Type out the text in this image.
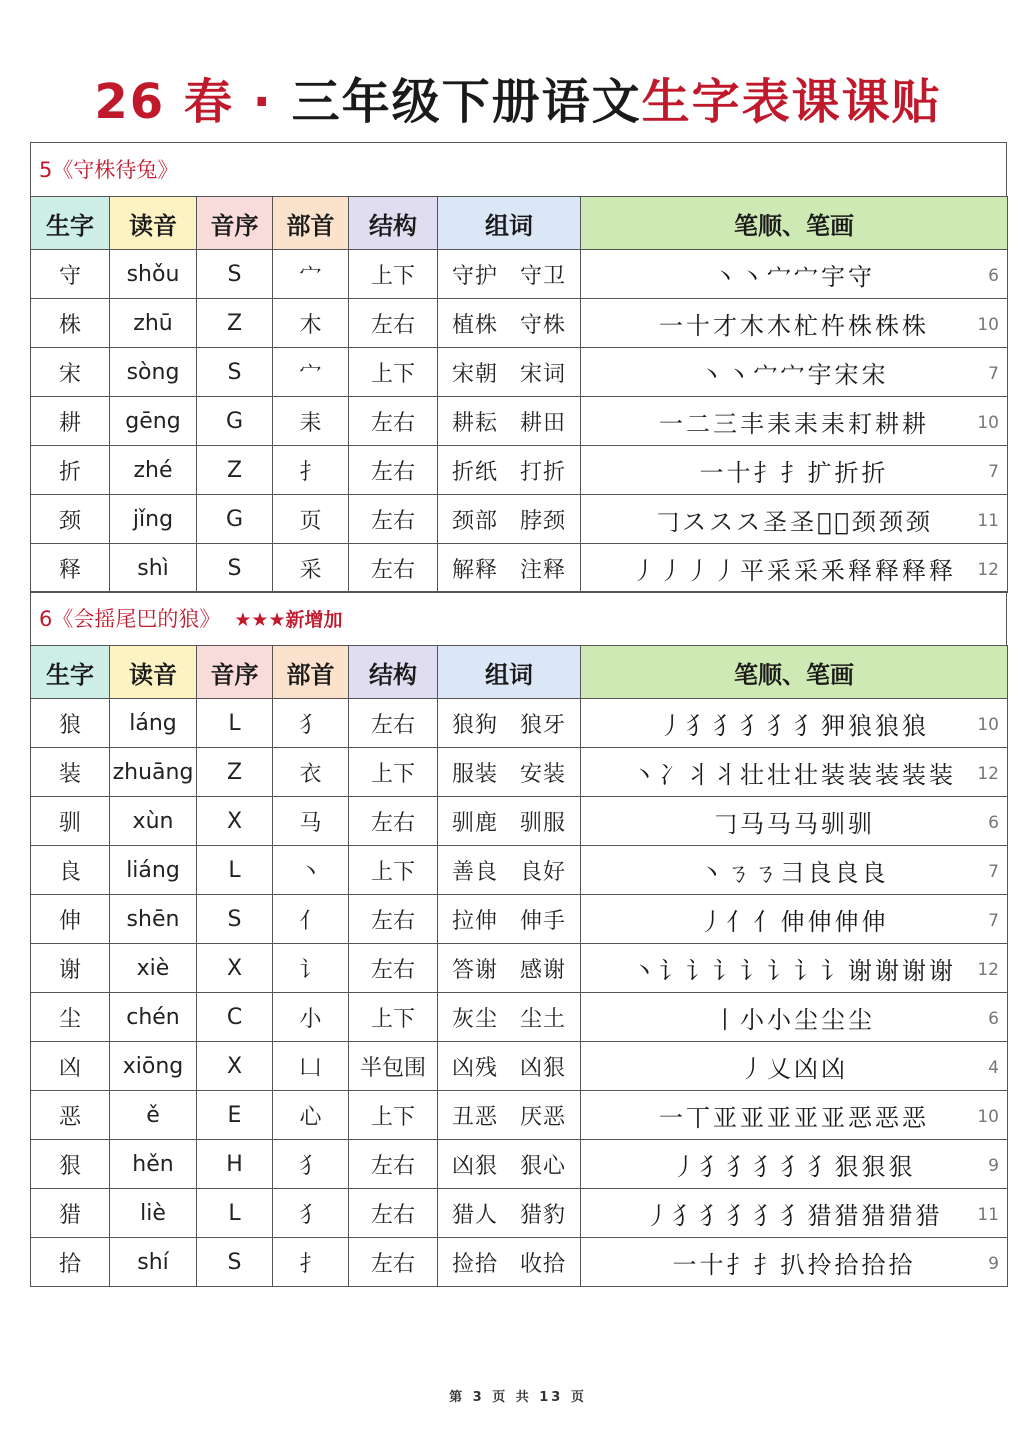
26 春 · 三年级下册语文生字表课课贴
5《守株待兔》
生字	读音	音序	部首	结构	组词	笔顺、笔画
守	shǒu	S	宀	上下	守护 守卫	丶 丶 宀 宀 宇 守 6

株	zhū	Z	木	左右	植株 守株	一 十 才 木 木 杧 杵 株 株 株 10

宋	sòng	S	宀	上下	宋朝 宋词	丶 丶 宀 宀 宇 宋 宋 7

耕	gēng	G	耒	左右	耕耘 耕田	一 二 三 丰 耒 耒 耒 耓 耕 耕 10

折	zhé	Z	扌	左右	折纸 打折	一 十 扌 扌 扩 折 折 7

颈	jǐng	G	页	左右	颈部 脖颈	𠃌 ス ス ス 圣 圣 𫝀 𫝀 颈 颈 颈 11

释	shì	S	采	左右	解释 注释	丿 丿 丿 丿 平 采 采 釆 释 释 释 释 12
6《会摇尾巴的狼》 ★★★新增加
生字	读音	音序	部首	结构	组词	笔顺、笔画
狼	láng	L	犭	左右	狼狗 狼牙	丿 犭 犭 犭 犭 犭 狎 狼 狼 狼 10

装	zhuāng	Z	衣	上下	服装 安装	丶 冫 丬 丬 壮 壮 壮 装 装 装 装 装 12

驯	xùn	X	马	左右	驯鹿 驯服	𠃌 马 马 马 驯 驯 6

良	liáng	L	丶	上下	善良 良好	丶 ㄋ ㄋ 彐 良 良 良 7

伸	shēn	S	亻	左右	拉伸 伸手	丿 亻 亻 伸 伸 伸 伸 7

谢	xiè	X	讠	左右	答谢 感谢	丶 讠 讠 讠 讠 讠 讠 讠 谢 谢 谢 谢 12

尘	chén	C	小	上下	灰尘 尘土	丨 小 小 尘 尘 尘 6

凶	xiōng	X	凵	半包围	凶残 凶狠	丿 乂 凶 凶 4

恶	ě	E	心	上下	丑恶 厌恶	一 丅 亚 亚 亚 亚 亚 恶 恶 恶 10

狠	hěn	H	犭	左右	凶狠 狠心	丿 犭 犭 犭 犭 犭 狠 狠 狠 9

猎	liè	L	犭	左右	猎人 猎豹	丿 犭 犭 犭 犭 犭 猎 猎 猎 猎 猎 11

拾	shí	S	扌	左右	捡拾 收拾	一 十 扌 扌 扒 拎 拾 拾 拾 9
第 3 页 共 13 页
